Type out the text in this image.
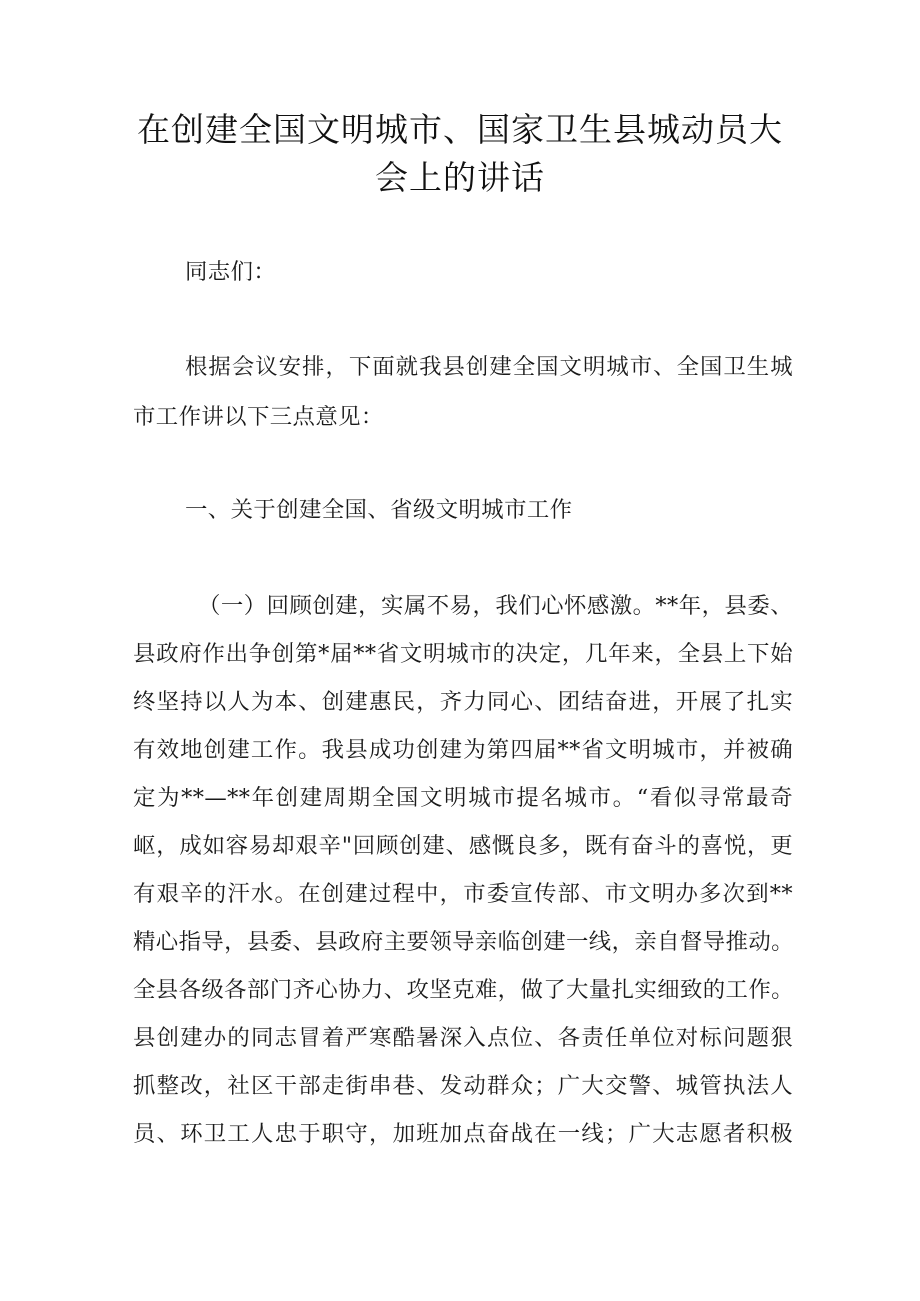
在创建全国文明城市、国家卫生县城动员大
会上的讲话
同志们：
根据会议安排，下面就我县创建全国文明城市、全国卫生城
市工作讲以下三点意见：
一、关于创建全国、省级文明城市工作
（一）回顾创建，实属不易，我们心怀感激。**年，县委、
县政府作出争创第*届**省文明城市的决定，几年来，全县上下始
终坚持以人为本、创建惠民，齐力同心、团结奋进，开展了扎实
有效地创建工作。我县成功创建为第四届**省文明城市，并被确
定为**—**年创建周期全国文明城市提名城市。“看似寻常最奇
岖，成如容易却艰辛"回顾创建、感慨良多，既有奋斗的喜悦，更
有艰辛的汗水。在创建过程中，市委宣传部、市文明办多次到**
精心指导，县委、县政府主要领导亲临创建一线，亲自督导推动。
全县各级各部门齐心协力、攻坚克难，做了大量扎实细致的工作。
县创建办的同志冒着严寒酷暑深入点位、各责任单位对标问题狠
抓整改，社区干部走街串巷、发动群众；广大交警、城管执法人
员、环卫工人忠于职守，加班加点奋战在一线；广大志愿者积极
